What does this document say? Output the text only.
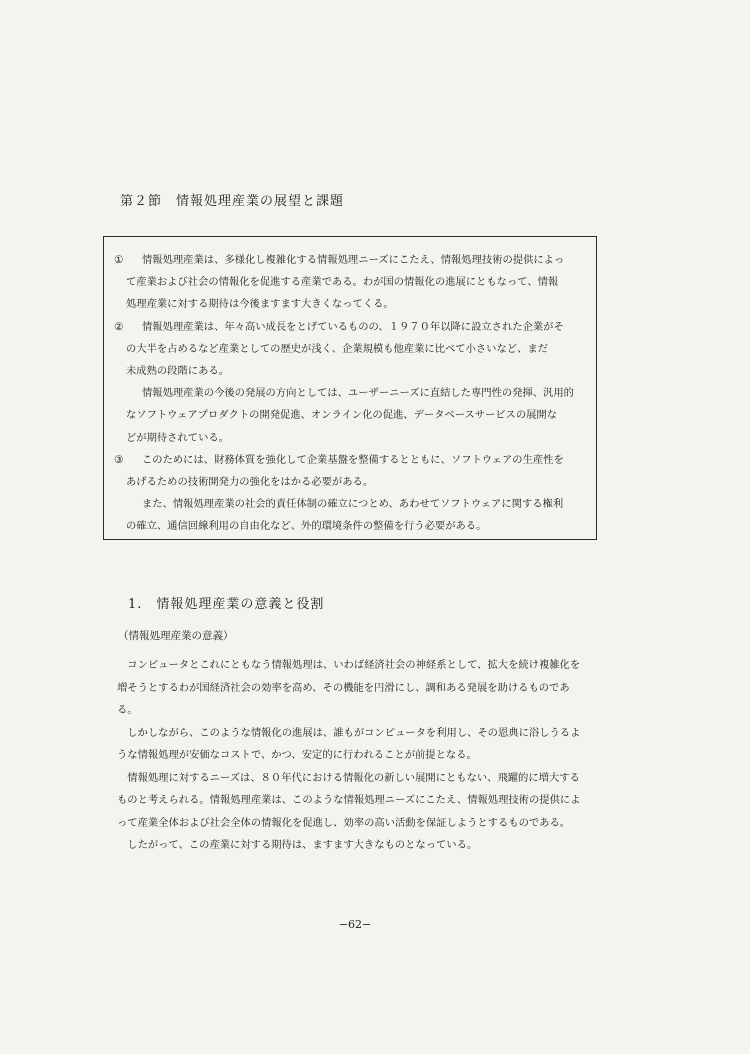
第２節　情報処理産業の展望と課題
① 情報処理産業は、多様化し複雑化する情報処理ニーズにこたえ、情報処理技術の提供によっ
て産業および社会の情報化を促進する産業である。わが国の情報化の進展にともなって、情報
処理産業に対する期待は今後ますます大きくなってくる。
② 情報処理産業は、年々高い成長をとげているものの、１９７０年以降に設立された企業がそ
の大半を占めるなど産業としての歴史が浅く、企業規模も他産業に比べて小さいなど、まだ
未成熟の段階にある。
情報処理産業の今後の発展の方向としては、ユーザーニーズに直結した専門性の発揮、汎用的
なソフトウェアプロダクトの開発促進、オンライン化の促進、データベースサービスの展開な
どが期待されている。
③ このためには、財務体質を強化して企業基盤を整備するとともに、ソフトウェアの生産性を
あげるための技術開発力の強化をはかる必要がある。
また、情報処理産業の社会的責任体制の確立につとめ、あわせてソフトウェアに関する権利
の確立、通信回線利用の自由化など、外的環境条件の整備を行う必要がある。
1.　情報処理産業の意義と役割
（情報処理産業の意義）
　コンピュータとこれにともなう情報処理は、いわば経済社会の神経系として、拡大を続け複雑化を
増そうとするわが国経済社会の効率を高め、その機能を円滑にし、調和ある発展を助けるものであ
る。
　しかしながら、このような情報化の進展は、誰もがコンピュータを利用し、その恩典に浴しうるよ
うな情報処理が安価なコストで、かつ、安定的に行われることが前提となる。
　情報処理に対するニーズは、８０年代における情報化の新しい展開にともない、飛躍的に増大する
ものと考えられる。情報処理産業は、このような情報処理ニーズにこたえ、情報処理技術の提供によ
って産業全体および社会全体の情報化を促進し、効率の高い活動を保証しようとするものである。
　したがって、この産業に対する期待は、ますます大きなものとなっている。
−62−
